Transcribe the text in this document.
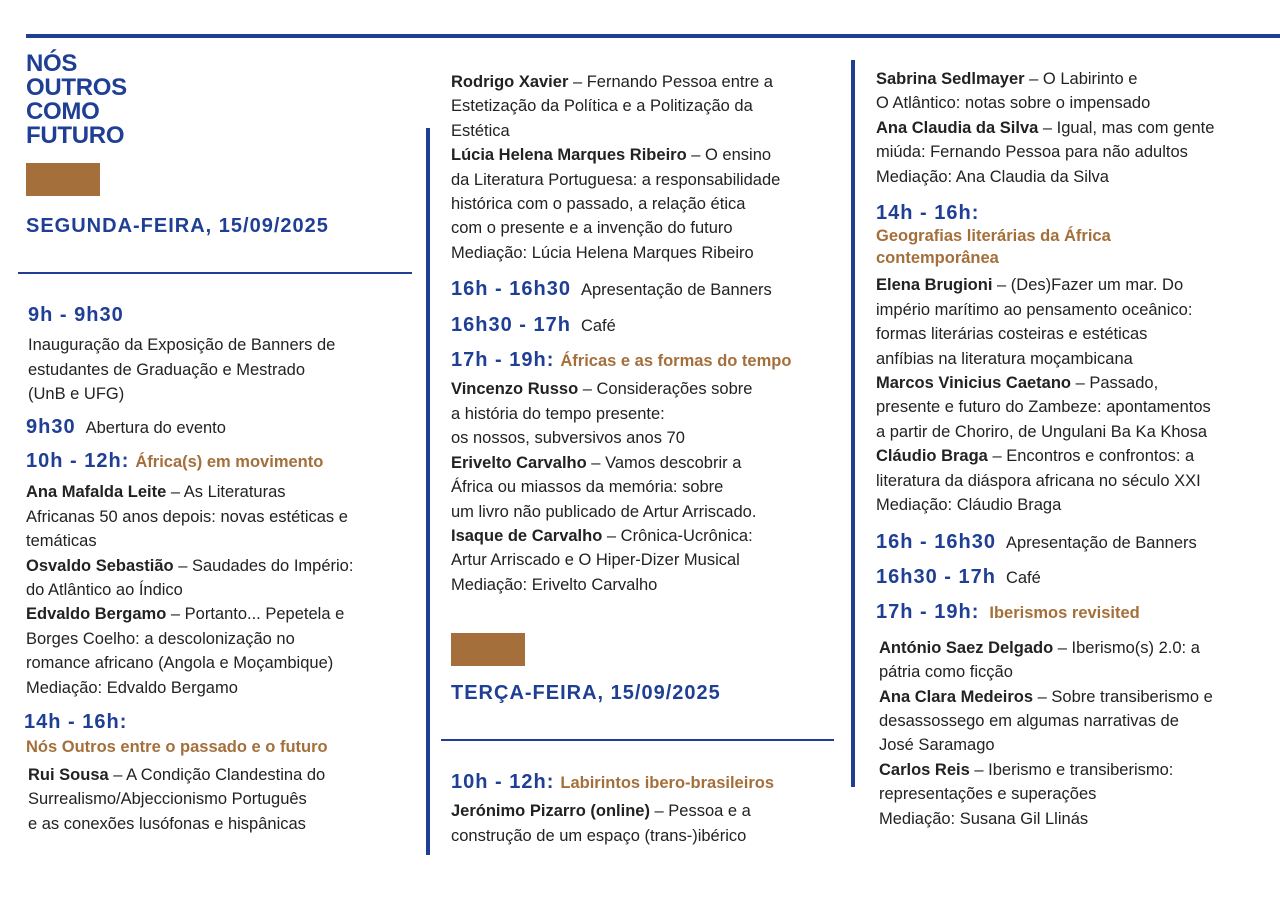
NÓS
OUTROS
COMO
FUTURO
SEGUNDA-FEIRA, 15/09/2025
9h - 9h30
Inauguração da Exposição de Banners de
estudantes de Graduação e Mestrado
(UnB e UFG)
9h30 Abertura do evento
10h - 12h: África(s) em movimento
Ana Mafalda Leite – As Literaturas
Africanas 50 anos depois: novas estéticas e
temáticas
Osvaldo Sebastião – Saudades do Império:
do Atlântico ao Índico
Edvaldo Bergamo – Portanto... Pepetela e
Borges Coelho: a descolonização no
romance africano (Angola e Moçambique)
Mediação: Edvaldo Bergamo
14h - 16h:
Nós Outros entre o passado e o futuro
Rui Sousa – A Condição Clandestina do
Surrealismo/Abjeccionismo Português
e as conexões lusófonas e hispânicas
Rodrigo Xavier – Fernando Pessoa entre a
Estetização da Política e a Politização da
Estética
Lúcia Helena Marques Ribeiro – O ensino
da Literatura Portuguesa: a responsabilidade
histórica com o passado, a relação ética
com o presente e a invenção do futuro
Mediação: Lúcia Helena Marques Ribeiro
16h - 16h30 Apresentação de Banners
16h30 - 17h Café
17h - 19h: Áfricas e as formas do tempo
Vincenzo Russo – Considerações sobre
a história do tempo presente:
os nossos, subversivos anos 70
Erivelto Carvalho – Vamos descobrir a
África ou miassos da memória: sobre
um livro não publicado de Artur Arriscado.
Isaque de Carvalho – Crônica-Ucrônica:
Artur Arriscado e O Hiper-Dizer Musical
Mediação: Erivelto Carvalho
TERÇA-FEIRA, 15/09/2025
10h - 12h: Labirintos ibero-brasileiros
Jerónimo Pizarro (online) – Pessoa e a
construção de um espaço (trans-)ibérico
Sabrina Sedlmayer – O Labirinto e
O Atlântico: notas sobre o impensado
Ana Claudia da Silva – Igual, mas com gente
miúda: Fernando Pessoa para não adultos
Mediação: Ana Claudia da Silva
14h - 16h:
Geografias literárias da África
contemporânea
Elena Brugioni – (Des)Fazer um mar. Do
império marítimo ao pensamento oceânico:
formas literárias costeiras e estéticas
anfíbias na literatura moçambicana
Marcos Vinicius Caetano – Passado,
presente e futuro do Zambeze: apontamentos
a partir de Choriro, de Ungulani Ba Ka Khosa
Cláudio Braga – Encontros e confrontos: a
literatura da diáspora africana no século XXI
Mediação: Cláudio Braga
16h - 16h30 Apresentação de Banners
16h30 - 17h Café
17h - 19h: Iberismos revisited
António Saez Delgado – Iberismo(s) 2.0: a
pátria como ficção
Ana Clara Medeiros – Sobre transiberismo e
desassossego em algumas narrativas de
José Saramago
Carlos Reis – Iberismo e transiberismo:
representações e superações
Mediação: Susana Gil Llinás
